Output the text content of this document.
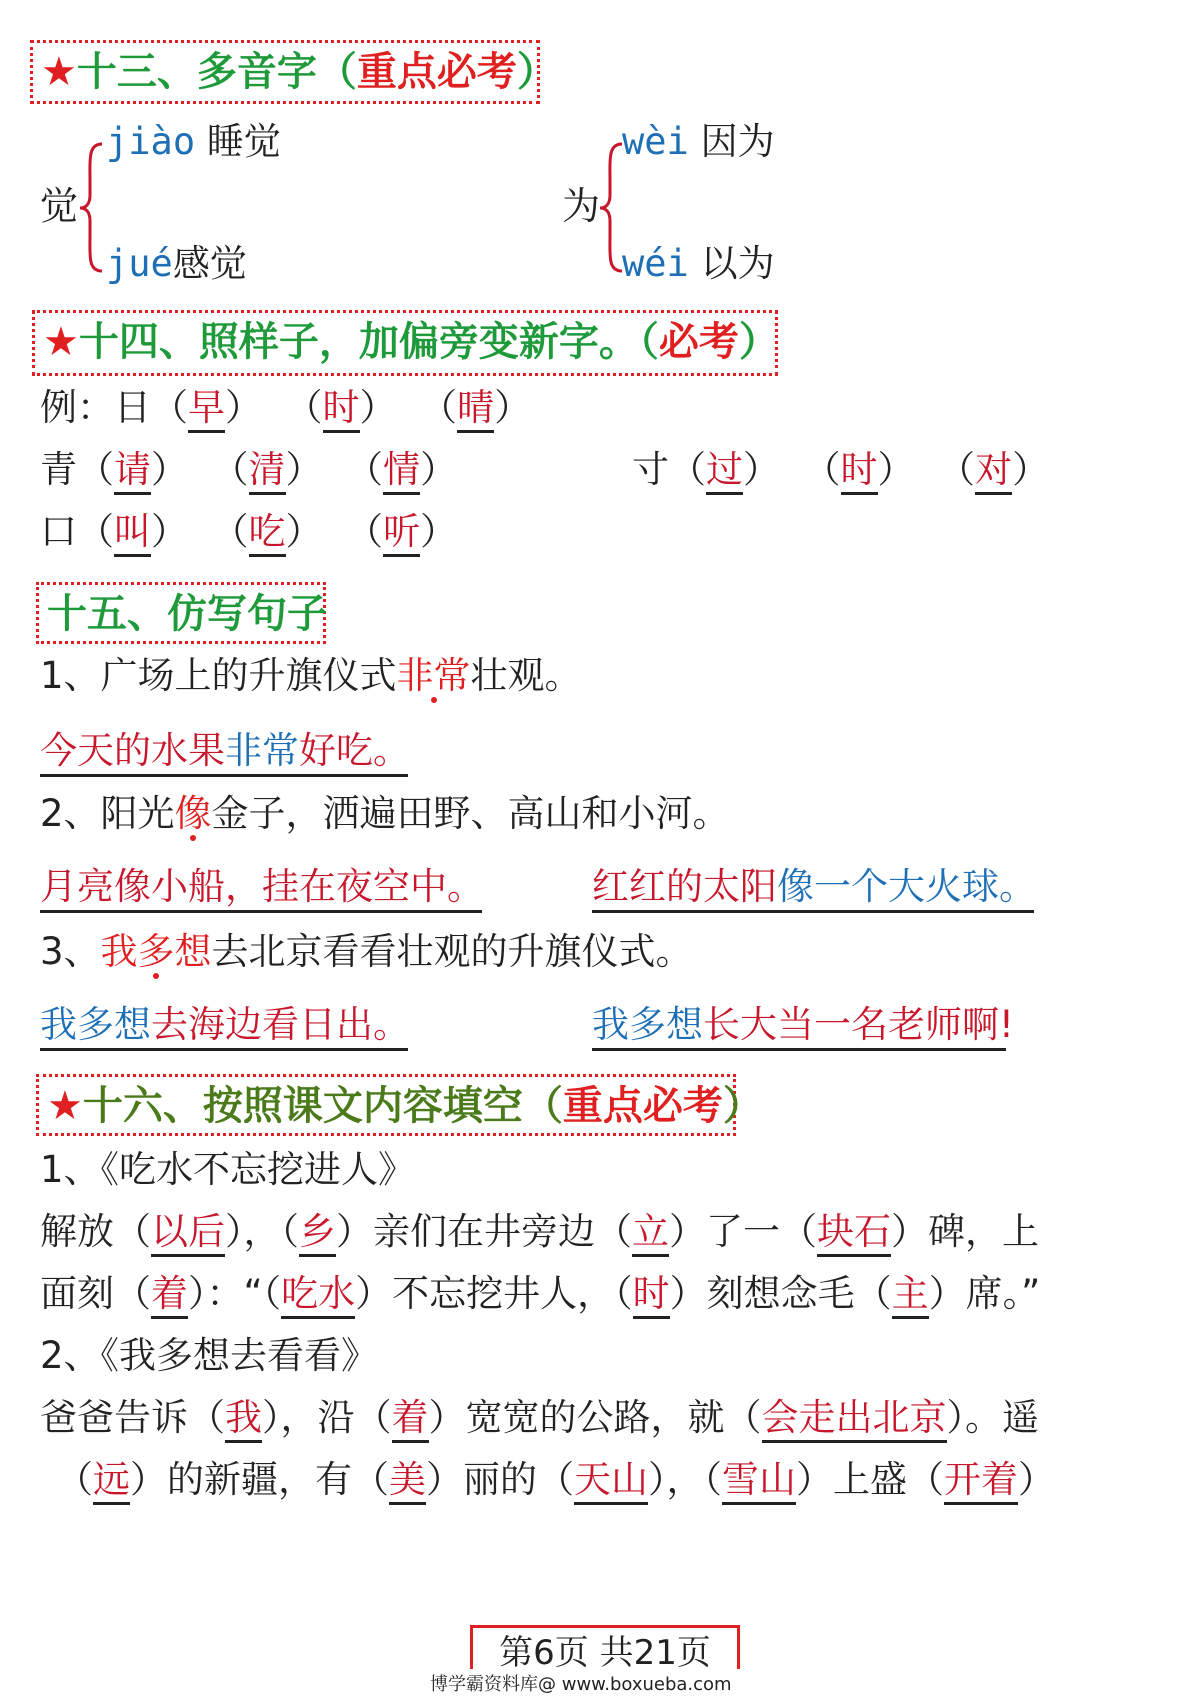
★十三、多音字（重点必考）
觉
jiào 睡觉
jué感觉
为
wèi 因为
wéi 以为
★十四、照样子，加偏旁变新字。（必考）
例：日（早）  （时）  （晴）
青（请）  （清）  （情）	寸（过）  （时）  （对）
口（叫）  （吃）  （听）
十五、仿写句子
1、广场上的升旗仪式非常壮观。
今天的水果非常好吃。
2、阳光像金子，洒遍田野、高山和小河。
月亮像小船，挂在夜空中。	红红的太阳像一个大火球。
3、我多想去北京看看壮观的升旗仪式。
我多想去海边看日出。	我多想长大当一名老师啊!
★十六、按照课文内容填空（重点必考）
1、《吃水不忘挖进人》
解放（以后），（乡）亲们在井旁边（立）了一（块石）碑，上
面刻（着）：“（吃水）不忘挖井人，（时）刻想念毛（主）席。”
2、《我多想去看看》
爸爸告诉（我），沿（着）宽宽的公路，就（会走出北京）。遥
（远）的新疆，有（美）丽的（天山），（雪山）上盛（开着）
第6页 共21页
博学霸资料库@ www.boxueba.com
